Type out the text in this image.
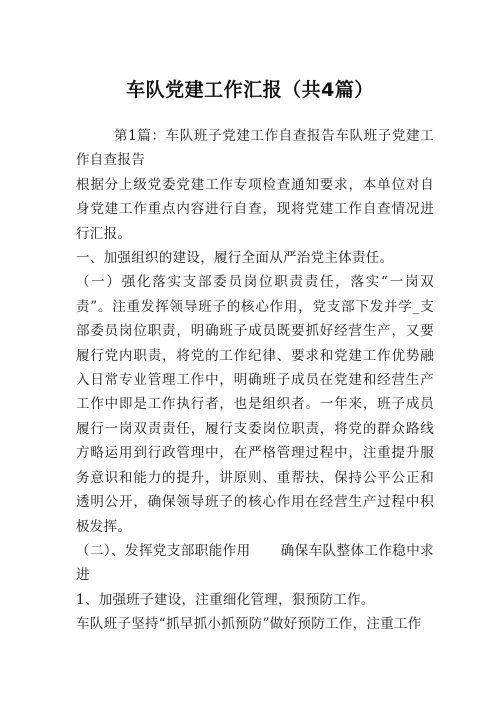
车队党建工作汇报（共4篇）

第1篇：车队班子党建工作自查报告车队班子党建工作自查报告

根据分上级党委党建工作专项检查通知要求，本单位对自身党建工作重点内容进行自查，现将党建工作自查情况进行汇报。

一、加强组织的建设，履行全面从严治党主体责任。

（一）强化落实支部委员岗位职责责任，落实“一岗双责”。注重发挥领导班子的核心作用，党支部下发并学_支部委员岗位职责，明确班子成员既要抓好经营生产，又要履行党内职责，将党的工作纪律、要求和党建工作优势融入日常专业管理工作中，明确班子成员在党建和经营生产工作中即是工作执行者，也是组织者。一年来，班子成员履行一岗双责责任，履行支委岗位职责，将党的群众路线方略运用到行政管理中，在严格管理过程中，注重提升服务意识和能力的提升，讲原则、重帮扶，保持公平公正和透明公开，确保领导班子的核心作用在经营生产过程中积极发挥。

（二）、发挥党支部职能作用 确保车队整体工作稳中求进

1、加强班子建设，注重细化管理，狠预防工作。

车队班子坚持“抓早抓小抓预防”做好预防工作，注重工作
